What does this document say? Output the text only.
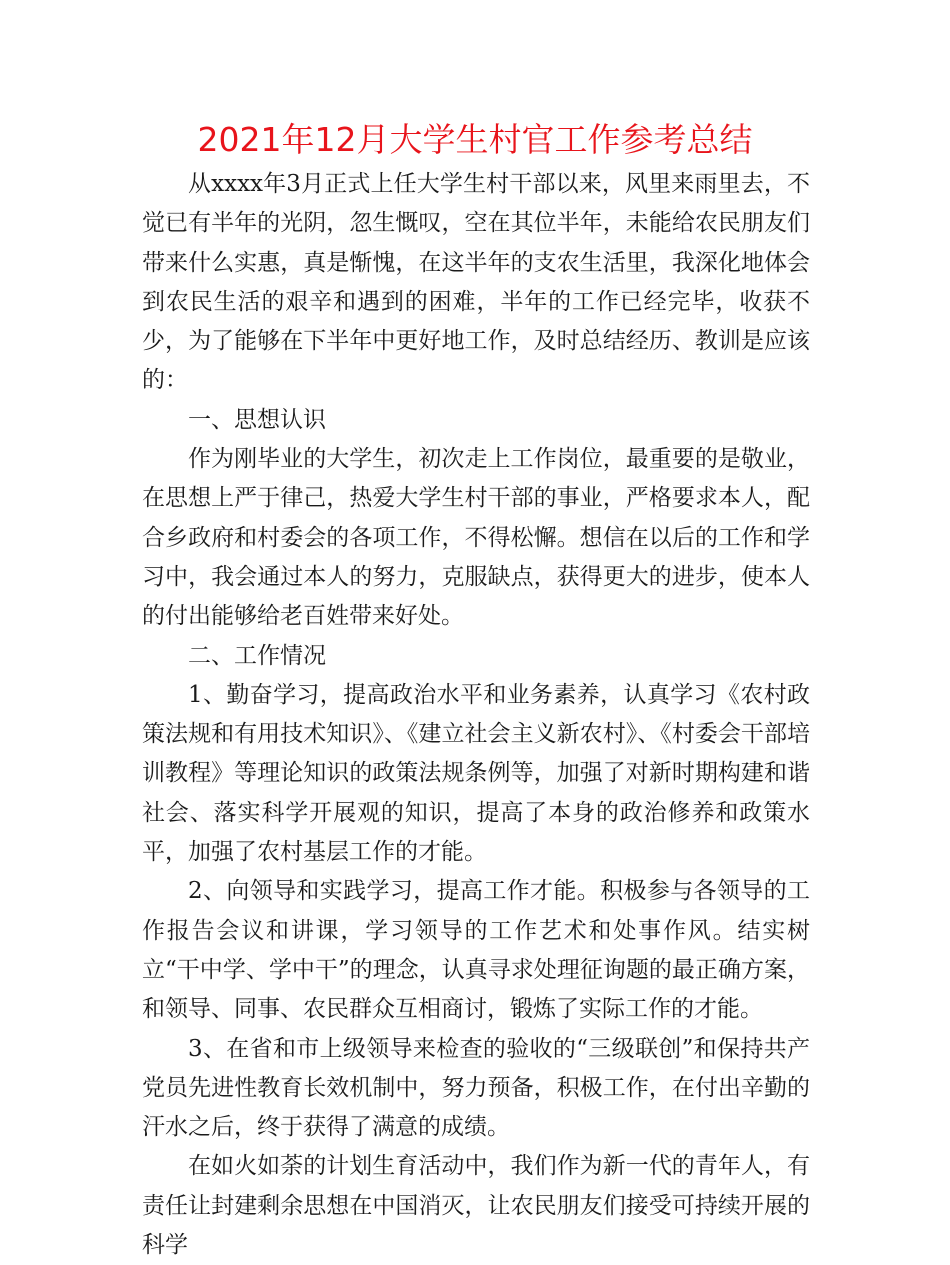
2021年12月大学生村官工作参考总结

从xxxx年3月正式上任大学生村干部以来，风里来雨里去，不觉已有半年的光阴，忽生慨叹，空在其位半年，未能给农民朋友们带来什么实惠，真是惭愧，在这半年的支农生活里，我深化地体会到农民生活的艰辛和遇到的困难，半年的工作已经完毕，收获不少，为了能够在下半年中更好地工作，及时总结经历、教训是应该的：

一、思想认识

作为刚毕业的大学生，初次走上工作岗位，最重要的是敬业，在思想上严于律己，热爱大学生村干部的事业，严格要求本人，配合乡政府和村委会的各项工作，不得松懈。想信在以后的工作和学习中，我会通过本人的努力，克服缺点，获得更大的进步，使本人的付出能够给老百姓带来好处。

二、工作情况

1、勤奋学习，提高政治水平和业务素养，认真学习《农村政策法规和有用技术知识》、《建立社会主义新农村》、《村委会干部培训教程》等理论知识的政策法规条例等，加强了对新时期构建和谐社会、落实科学开展观的知识，提高了本身的政治修养和政策水平，加强了农村基层工作的才能。

2、向领导和实践学习，提高工作才能。积极参与各领导的工作报告会议和讲课，学习领导的工作艺术和处事作风。结实树立“干中学、学中干”的理念，认真寻求处理征询题的最正确方案，和领导、同事、农民群众互相商讨，锻炼了实际工作的才能。

3、在省和市上级领导来检查的验收的“三级联创”和保持共产党员先进性教育长效机制中，努力预备，积极工作，在付出辛勤的汗水之后，终于获得了满意的成绩。

在如火如荼的计划生育活动中，我们作为新一代的青年人，有责任让封建剩余思想在中国消灭，让农民朋友们接受可持续开展的科学
